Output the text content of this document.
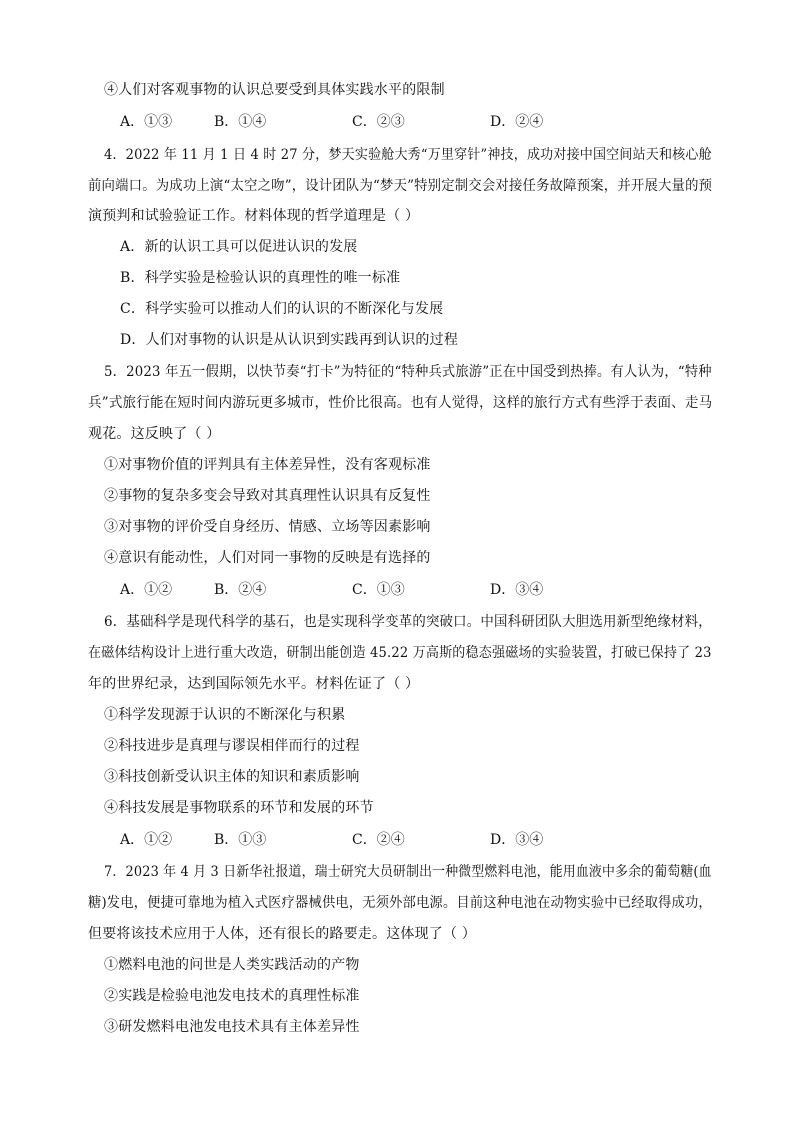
④人们对客观事物的认识总要受到具体实践水平的限制
A．①③	B．①④	C．②③	D．②④
4．2022 年 11 月 1 日 4 时 27 分，梦天实验舱大秀“万里穿针”神技，成功对接中国空间站天和核心舱
前向端口。为成功上演“太空之吻”，设计团队为“梦天”特别定制交会对接任务故障预案，并开展大量的预
演预判和试验验证工作。材料体现的哲学道理是（ ）
A．新的认识工具可以促进认识的发展
B．科学实验是检验认识的真理性的唯一标准
C．科学实验可以推动人们的认识的不断深化与发展
D．人们对事物的认识是从认识到实践再到认识的过程
5．2023 年五一假期，以快节奏“打卡”为特征的“特种兵式旅游”正在中国受到热捧。有人认为，“特种
兵”式旅行能在短时间内游玩更多城市，性价比很高。也有人觉得，这样的旅行方式有些浮于表面、走马
观花。这反映了（ ）
①对事物价值的评判具有主体差异性，没有客观标准
②事物的复杂多变会导致对其真理性认识具有反复性
③对事物的评价受自身经历、情感、立场等因素影响
④意识有能动性，人们对同一事物的反映是有选择的
A．①②	B．②④	C．①③	D．③④
6．基础科学是现代科学的基石，也是实现科学变革的突破口。中国科研团队大胆选用新型绝缘材料，
在磁体结构设计上进行重大改造，研制出能创造 45.22 万高斯的稳态强磁场的实验装置，打破已保持了 23
年的世界纪录，达到国际领先水平。材料佐证了（ ）
①科学发现源于认识的不断深化与积累
②科技进步是真理与谬误相伴而行的过程
③科技创新受认识主体的知识和素质影响
④科技发展是事物联系的环节和发展的环节
A．①②	B．①③	C．②④	D．③④
7．2023 年 4 月 3 日新华社报道，瑞士研究大员研制出一种微型燃料电池，能用血液中多余的葡萄糖(血
糖)发电，便捷可靠地为植入式医疗器械供电，无须外部电源。目前这种电池在动物实验中已经取得成功，
但要将该技术应用于人体，还有很长的路要走。这体现了（ ）
①燃料电池的问世是人类实践活动的产物
②实践是检验电池发电技术的真理性标准
③研发燃料电池发电技术具有主体差异性
